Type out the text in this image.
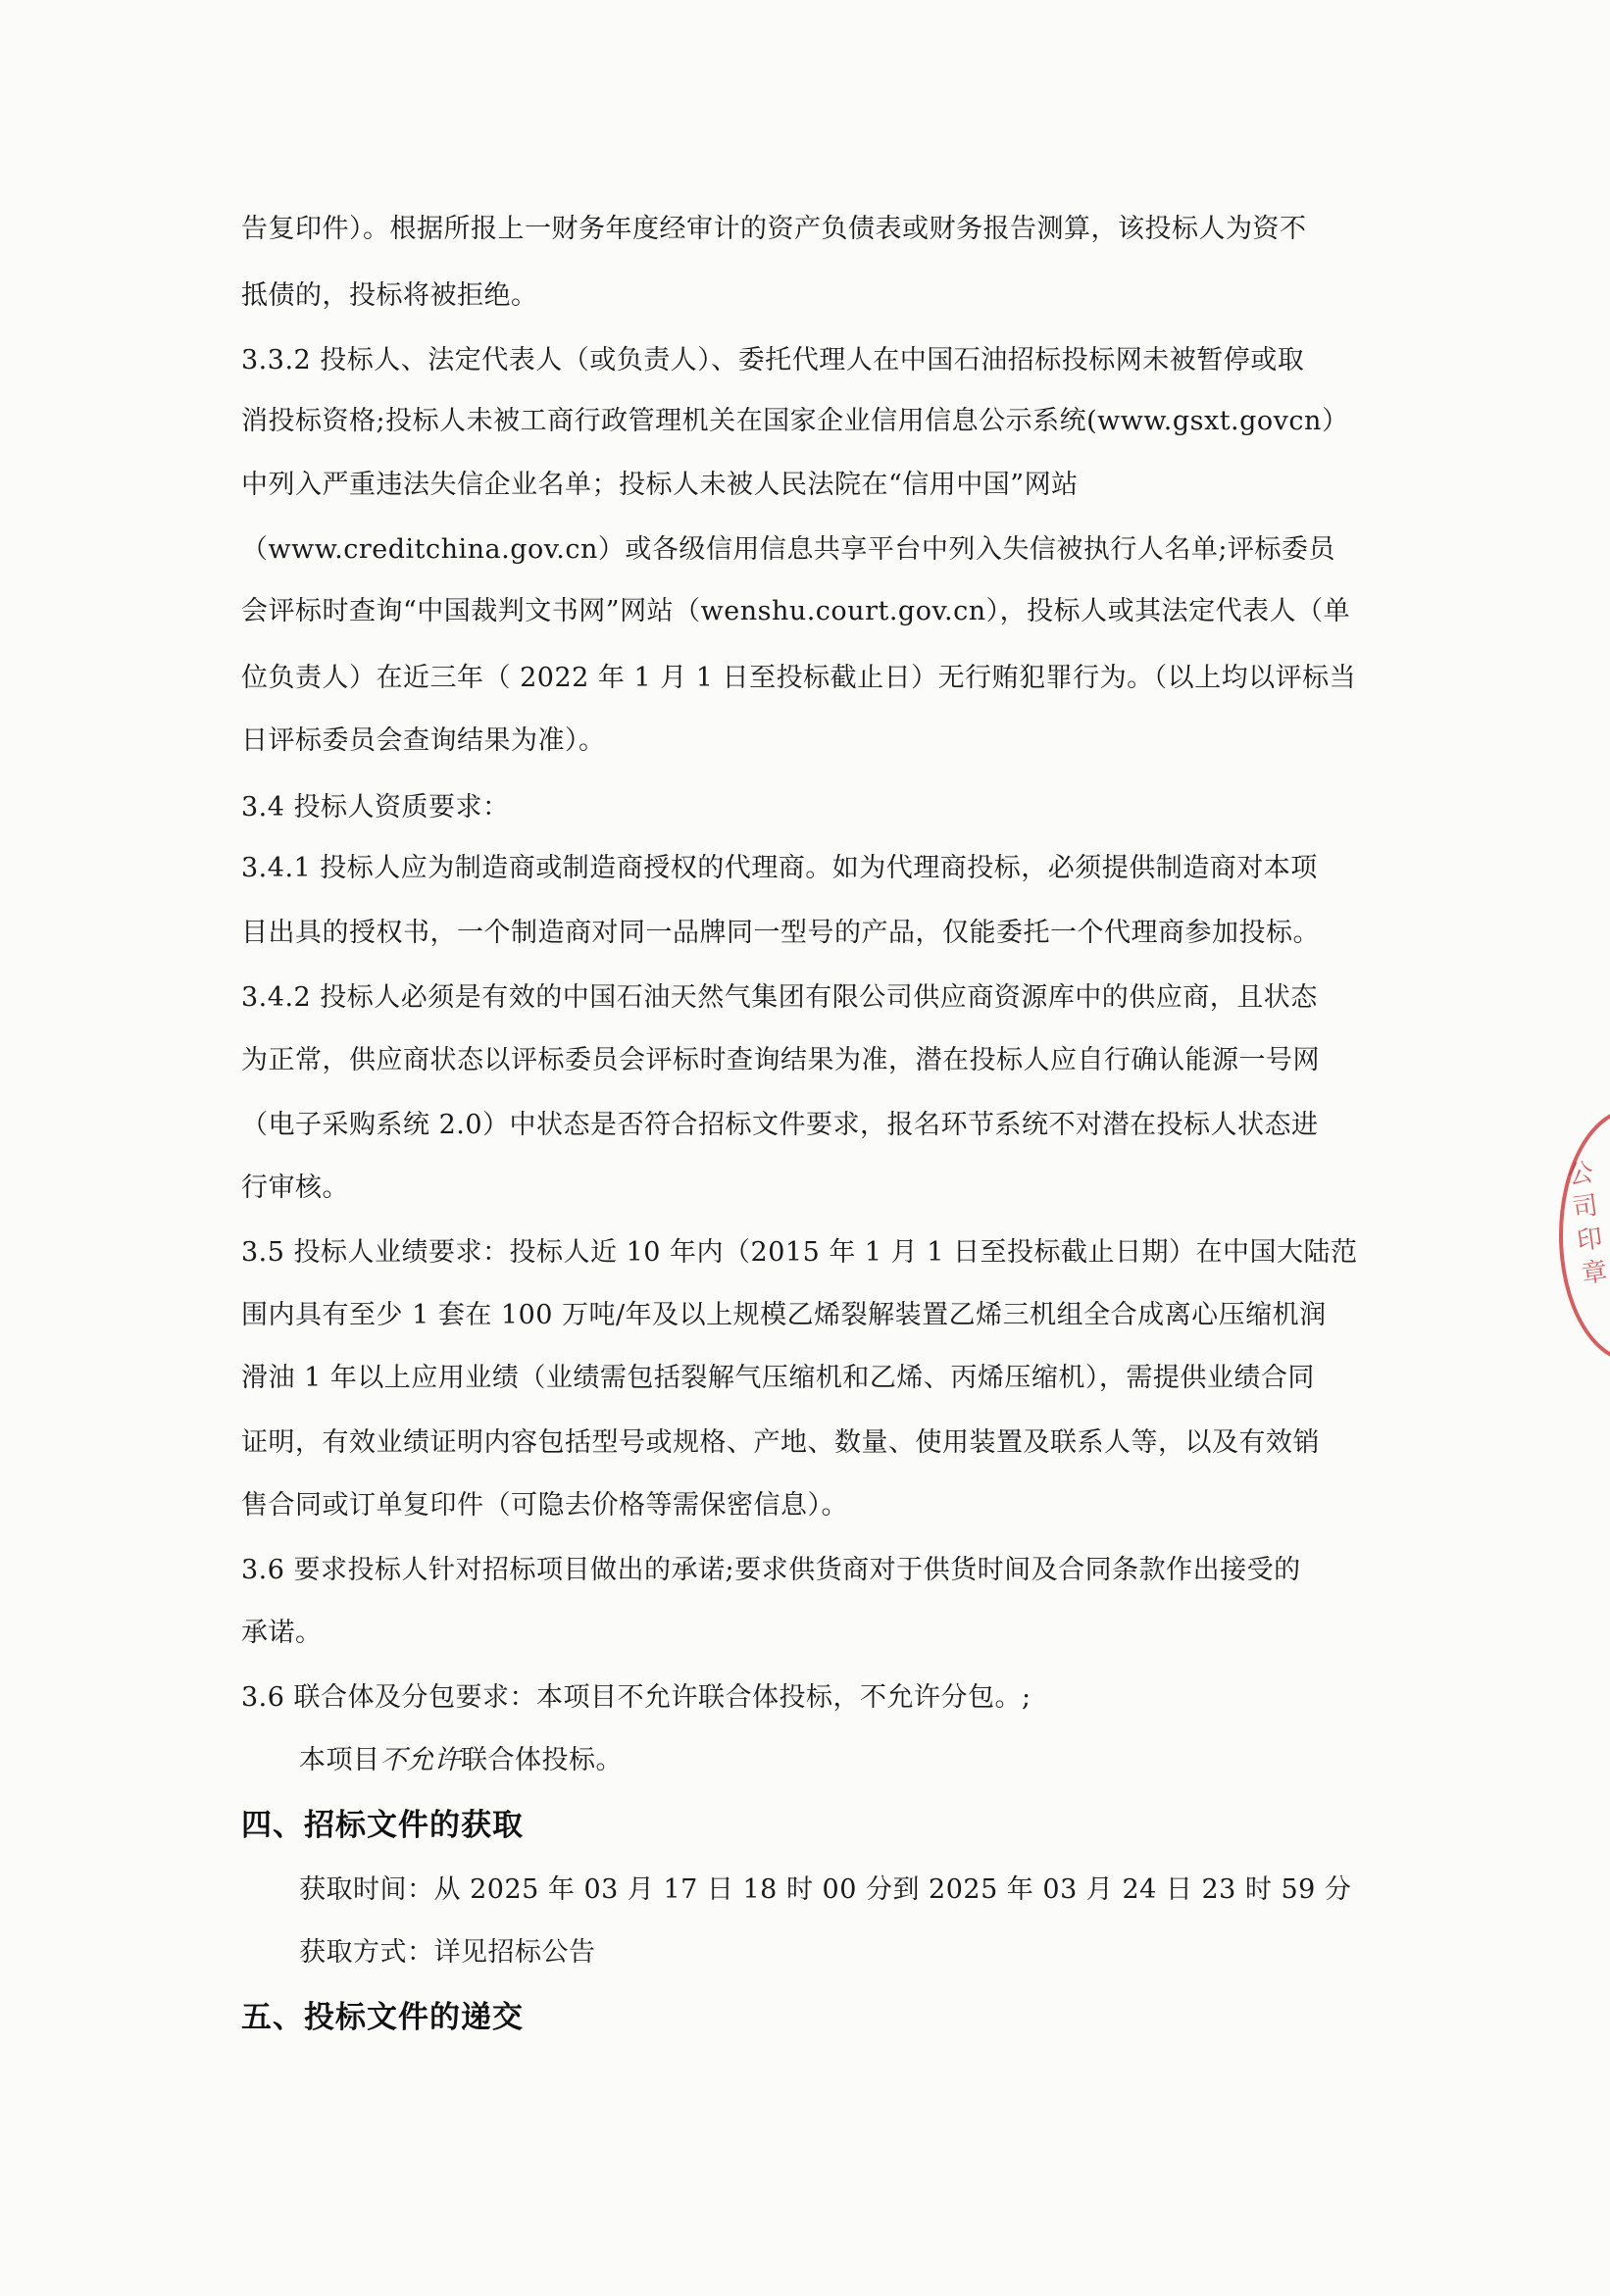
告复印件）。根据所报上一财务年度经审计的资产负债表或财务报告测算，该投标人为资不
抵债的，投标将被拒绝。
3.3.2 投标人、法定代表人（或负责人）、委托代理人在中国石油招标投标网未被暂停或取
消投标资格;投标人未被工商行政管理机关在国家企业信用信息公示系统(www.gsxt.govcn）
中列入严重违法失信企业名单；投标人未被人民法院在“信用中国”网站
（www.creditchina.gov.cn）或各级信用信息共享平台中列入失信被执行人名单;评标委员
会评标时查询“中国裁判文书网”网站（wenshu.court.gov.cn），投标人或其法定代表人（单
位负责人）在近三年（ 2022 年 1 月 1 日至投标截止日）无行贿犯罪行为。（以上均以评标当
日评标委员会查询结果为准）。
3.4 投标人资质要求：
3.4.1 投标人应为制造商或制造商授权的代理商。如为代理商投标，必须提供制造商对本项
目出具的授权书，一个制造商对同一品牌同一型号的产品，仅能委托一个代理商参加投标。
3.4.2 投标人必须是有效的中国石油天然气集团有限公司供应商资源库中的供应商，且状态
为正常，供应商状态以评标委员会评标时查询结果为准，潜在投标人应自行确认能源一号网
（电子采购系统 2.0）中状态是否符合招标文件要求，报名环节系统不对潜在投标人状态进
行审核。
3.5 投标人业绩要求：投标人近 10 年内（2015 年 1 月 1 日至投标截止日期）在中国大陆范
围内具有至少 1 套在 100 万吨/年及以上规模乙烯裂解装置乙烯三机组全合成离心压缩机润
滑油 1 年以上应用业绩（业绩需包括裂解气压缩机和乙烯、丙烯压缩机），需提供业绩合同
证明，有效业绩证明内容包括型号或规格、产地、数量、使用装置及联系人等，以及有效销
售合同或订单复印件（可隐去价格等需保密信息）。
3.6 要求投标人针对招标项目做出的承诺;要求供货商对于供货时间及合同条款作出接受的
承诺。
3.6 联合体及分包要求：本项目不允许联合体投标，不允许分包。;
本项目不允许联合体投标。
四、招标文件的获取
获取时间：从 2025 年 03 月 17 日 18 时 00 分到 2025 年 03 月 24 日 23 时 59 分
获取方式：详见招标公告
五、投标文件的递交
公司印章
